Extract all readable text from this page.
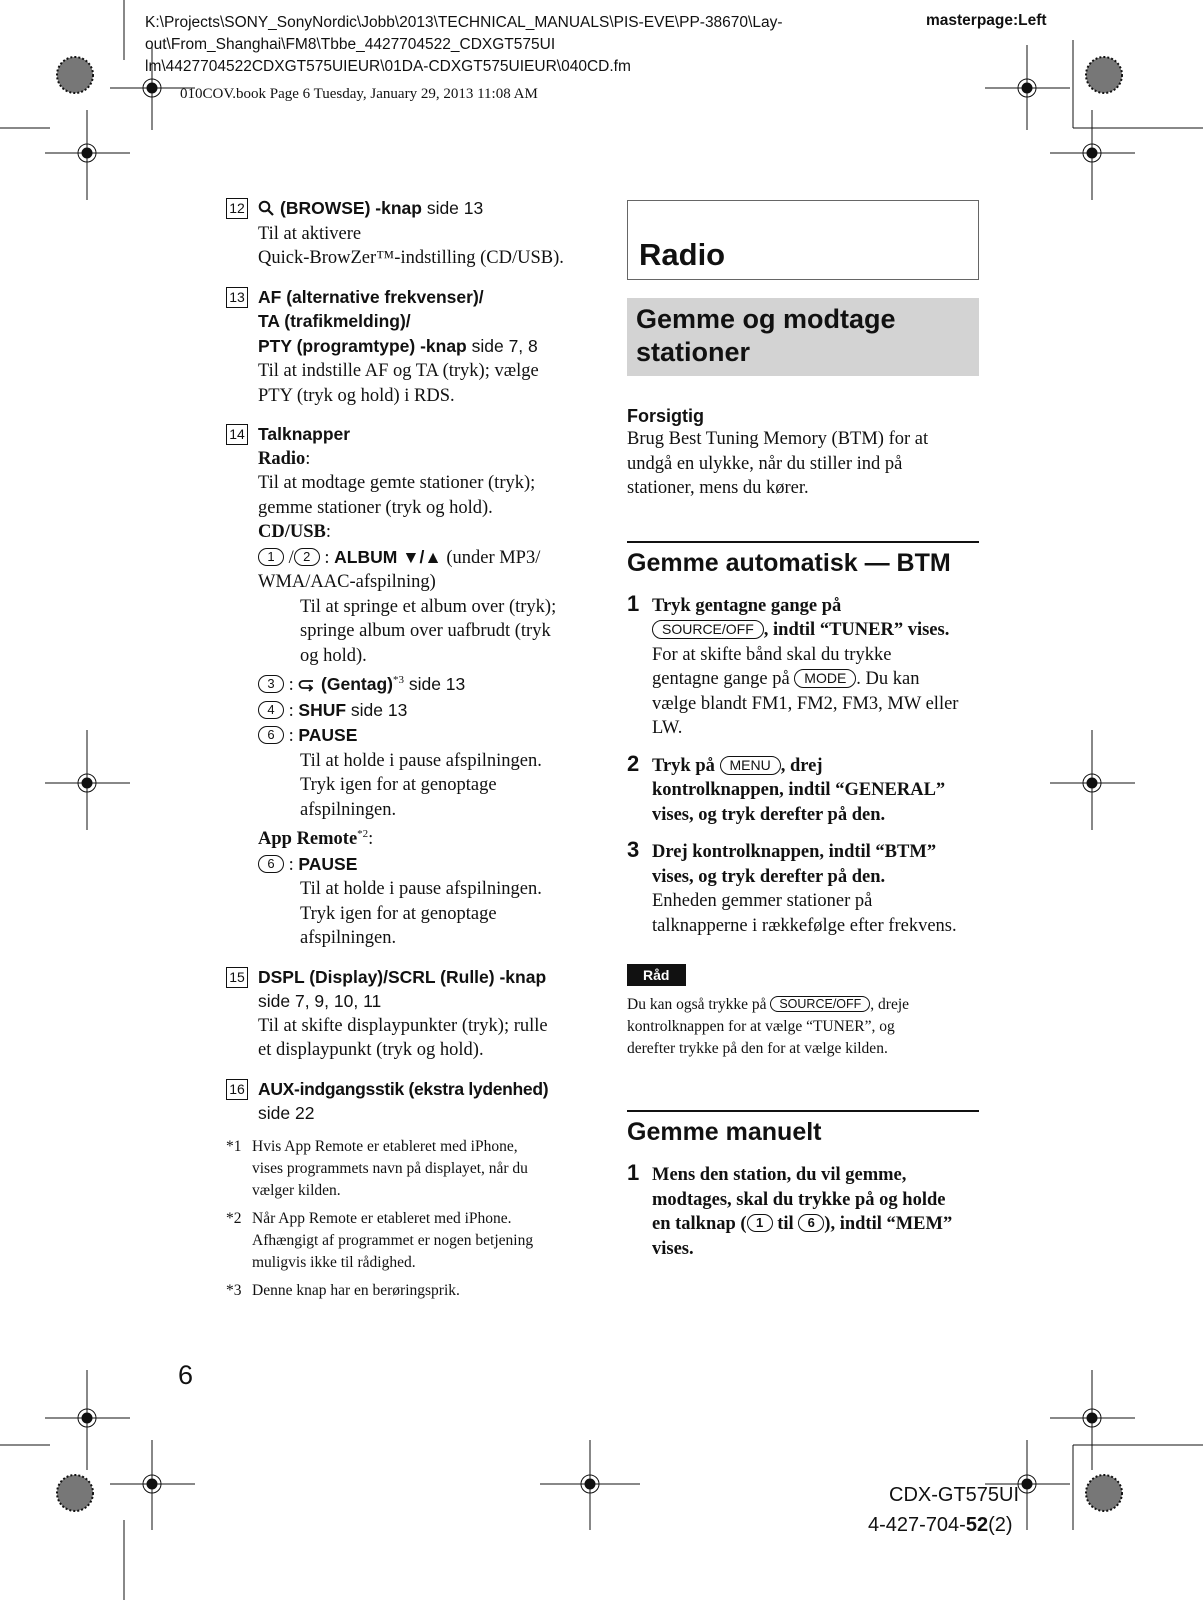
K:\Projects\SONY_SonyNordic\Jobb\2013\TECHNICAL_MANUALS\PIS-EVE\PP-38670\Lay-
out\From_Shanghai\FM8\Tbbe_4427704522_CDXGT575UI
lm\4427704522CDXGT575UIEUR\01DA-CDXGT575UIEUR\040CD.fm
masterpage:Left
010COV.book Page 6 Tuesday, January 29, 2013 11:08 AM
12	(BROWSE) -knap side 13
Til at aktivere
Quick-BrowZer™-indstilling (CD/USB).
13 AF (alternative frekvenser)/
TA (trafikmelding)/
PTY (programtype) -knap side 7, 8
Til at indstille AF og TA (tryk); vælge
PTY (tryk og hold) i RDS.
14 Talknapper
Radio:
Til at modtage gemte stationer (tryk);
gemme stationer (tryk og hold).
CD/USB:
1 / 2 : ALBUM ▼/▲ (under MP3/
WMA/AAC-afspilning)
Til at springe et album over (tryk);
springe album over uafbrudt (tryk
og hold).
3 :  (Gentag)$^{*3}$ side 13
4 : SHUF side 13
6 : PAUSE
Til at holde i pause afspilningen.
Tryk igen for at genoptage
afspilningen.
App Remote$^{*2}$:
6 : PAUSE
Til at holde i pause afspilningen.
Tryk igen for at genoptage
afspilningen.
15 DSPL (Display)/SCRL (Rulle) -knap
side 7, 9, 10, 11
Til at skifte displaypunkter (tryk); rulle
et displaypunkt (tryk og hold).
16 AUX-indgangsstik (ekstra lydenhed)
side 22
*1 Hvis App Remote er etableret med iPhone,
vises programmets navn på displayet, når du
vælger kilden.
*2 Når App Remote er etableret med iPhone.
Afhængigt af programmet er nogen betjening
muligvis ikke til rådighed.
*3 Denne knap har en berøringsprik.
Radio
Gemme og modtage
stationer
Forsigtig
Brug Best Tuning Memory (BTM) for at
undgå en ulykke, når du stiller ind på
stationer, mens du kører.
Gemme automatisk — BTM
1 Tryk gentagne gange på
SOURCE/OFF , indtil “TUNER” vises.
For at skifte bånd skal du trykke
gentagne gange på MODE . Du kan
vælge blandt FM1, FM2, FM3, MW eller
LW.
2 Tryk på MENU , drej
kontrolknappen, indtil “GENERAL”
vises, og tryk derefter på den.
3 Drej kontrolknappen, indtil “BTM”
vises, og tryk derefter på den.
Enheden gemmer stationer på
talknapperne i rækkefølge efter frekvens.
Råd
Du kan også trykke på SOURCE/OFF , dreje
kontrolknappen for at vælge “TUNER”, og
derefter trykke på den for at vælge kilden.
Gemme manuelt
1 Mens den station, du vil gemme,
modtages, skal du trykke på og holde
en talknap ( 1 til 6 ), indtil “MEM”
vises.
6
CDX-GT575UI
4-427-704-52(2)
